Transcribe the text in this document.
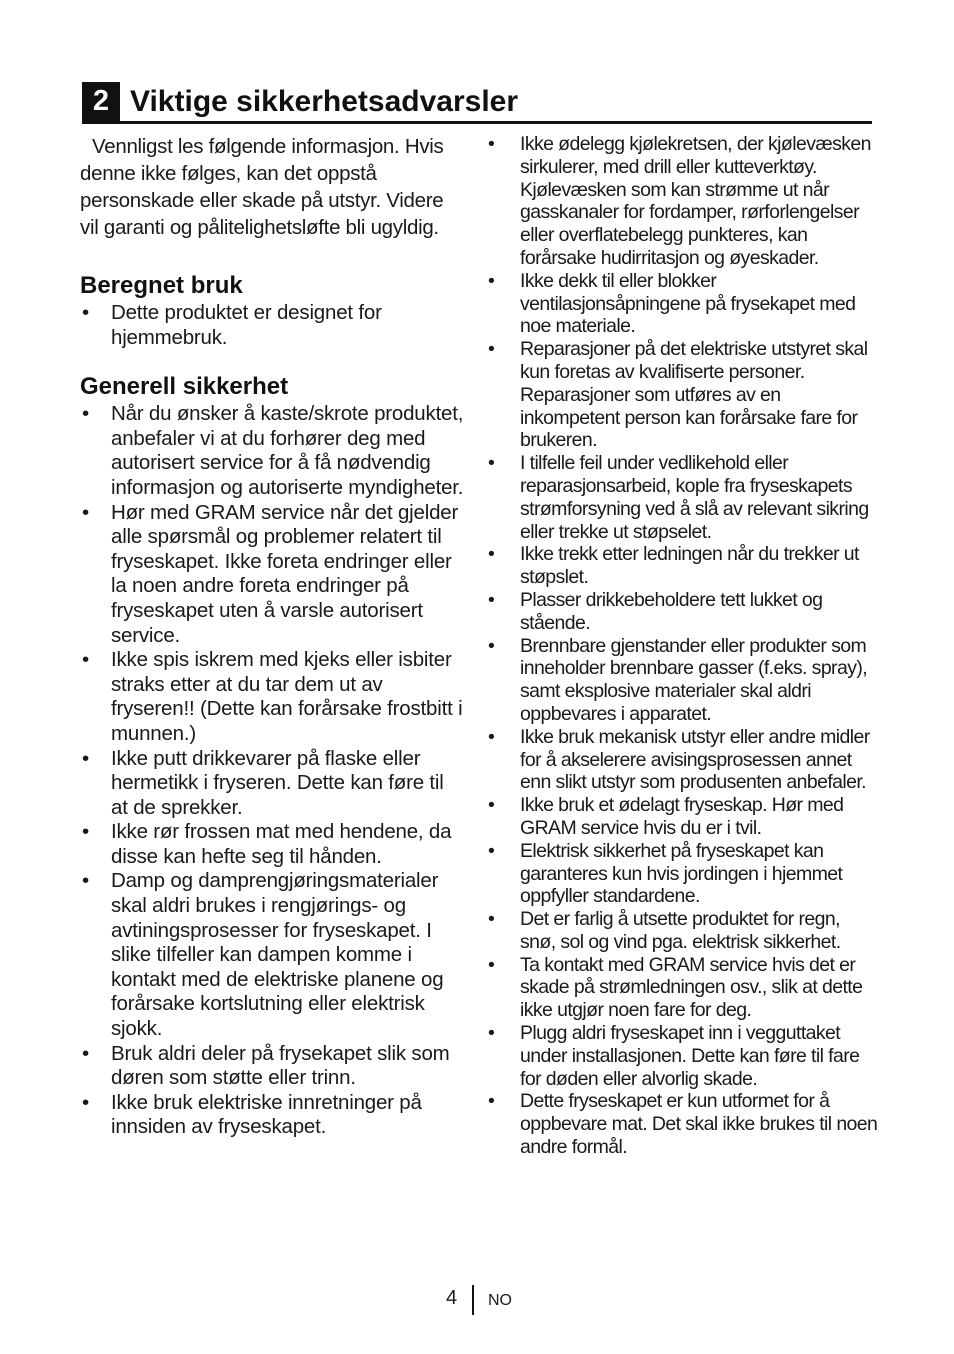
2 Viktige sikkerhetsadvarsler

Vennligst les følgende informasjon. Hvis denne ikke følges, kan det oppstå personskade eller skade på utstyr. Videre vil garanti og pålitelighetsløfte bli ugyldig.

Beregnet bruk
• Dette produktet er designet for hjemmebruk.
Generell sikkerhet
• Når du ønsker å kaste/skrote produktet, anbefaler vi at du forhører deg med autorisert service for å få nødvendig informasjon og autoriserte myndigheter.
• Hør med GRAM service når det gjelder alle spørsmål og problemer relatert til fryseskapet. Ikke foreta endringer eller la noen andre foreta endringer på fryseskapet uten å varsle autorisert service.
• Ikke spis iskrem med kjeks eller isbiter straks etter at du tar dem ut av fryseren!! (Dette kan forårsake frostbitt i munnen.)
• Ikke putt drikkevarer på flaske eller hermetikk i fryseren. Dette kan føre til at de sprekker.
• Ikke rør frossen mat med hendene, da disse kan hefte seg til hånden.
• Damp og damprengjøringsmaterialer skal aldri brukes i rengjørings- og avtiningsprosesser for fryseskapet. I slike tilfeller kan dampen komme i kontakt med de elektriske planene og forårsake kortslutning eller elektrisk sjokk.
• Bruk aldri deler på frysekapet slik som døren som støtte eller trinn.
• Ikke bruk elektriske innretninger på innsiden av fryseskapet.
• Ikke ødelegg kjølekretsen, der kjølevæsken sirkulerer, med drill eller kutteverktøy. Kjølevæsken som kan strømme ut når gasskanaler for fordamper, rørforlengelser eller overflatebelegg punkteres, kan forårsake hudirritasjon og øyeskader.
• Ikke dekk til eller blokker ventilasjonsåpningene på frysekapet med noe materiale.
• Reparasjoner på det elektriske utstyret skal kun foretas av kvalifiserte personer. Reparasjoner som utføres av en inkompetent person kan forårsake fare for brukeren.
• I tilfelle feil under vedlikehold eller reparasjonsarbeid, kople fra fryseskapets strømforsyning ved å slå av relevant sikring eller trekke ut støpselet.
• Ikke trekk etter ledningen når du trekker ut støpslet.
• Plasser drikkebeholdere tett lukket og stående.
• Brennbare gjenstander eller produkter som inneholder brennbare gasser (f.eks. spray), samt eksplosive materialer skal aldri oppbevares i apparatet.
• Ikke bruk mekanisk utstyr eller andre midler for å akselerere avisingsprosessen annet enn slikt utstyr som produsenten anbefaler.
• Ikke bruk et ødelagt fryseskap. Hør med GRAM service hvis du er i tvil.
• Elektrisk sikkerhet på fryseskapet kan garanteres kun hvis jordingen i hjemmet oppfyller standardene.
• Det er farlig å utsette produktet for regn, snø, sol og vind pga. elektrisk sikkerhet.
• Ta kontakt med GRAM service hvis det er skade på strømledningen osv., slik at dette ikke utgjør noen fare for deg.
• Plugg aldri fryseskapet inn i vegguttaket under installasjonen. Dette kan føre til fare for døden eller alvorlig skade.
• Dette fryseskapet er kun utformet for å oppbevare mat. Det skal ikke brukes til noen andre formål.
4 NO
